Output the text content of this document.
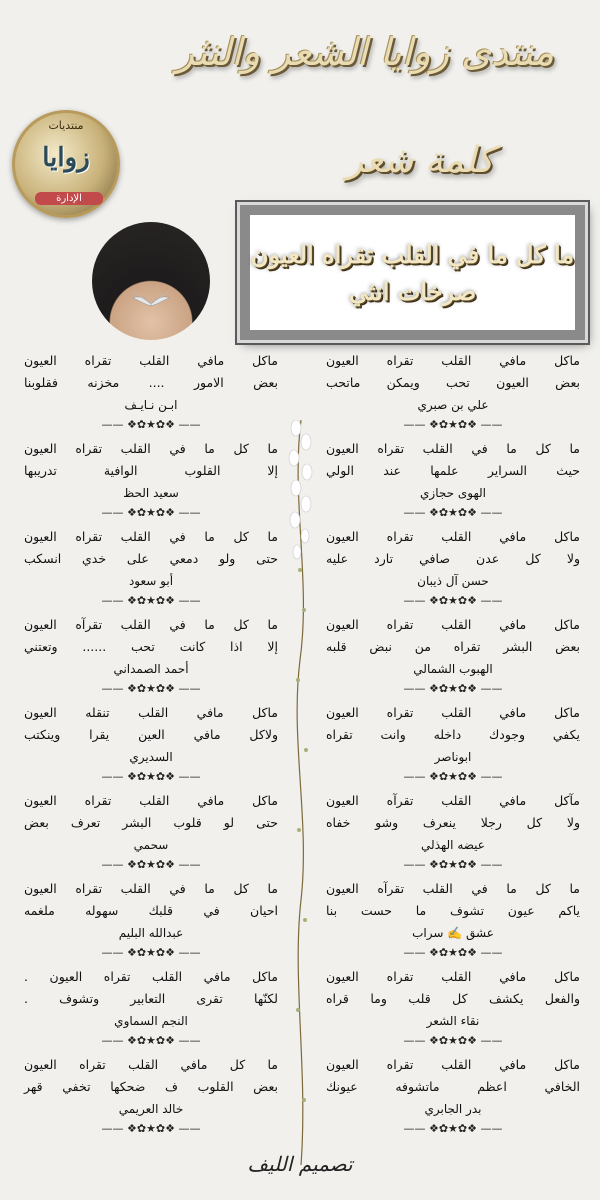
منتدى زوايا الشعر والنثر
منتديات
زوايا
الإدارة
كلمة شعر
ما كل ما في القلب تقراه العيون
صرخات انثي
ماكل مافي القلب تقراه العيون
بعض الامور .... مخزنه فقلوبنا
ابـن نـايـف
—— ❖✿★✿❖ ——
ما كل ما في القلب تقراه العيون
إلا القلوب الوافية تدريبها
سعيد الحظ
—— ❖✿★✿❖ ——
ما كل ما في القلب تقراه العيون
حتى ولو دمعي على خدي انسكب
أبو سعود
—— ❖✿★✿❖ ——
ما كل ما في القلب تقرآه العيون
إلا اذا كانت تحب ...... وتعتني
أحمد الصمداني
—— ❖✿★✿❖ ——
ماكل مافي القلب تنقله العيون
ولاكل مافي العين يقرا وينكتب
السديري
—— ❖✿★✿❖ ——
ماكل مافي القلب تقراه العيون
حتى لو قلوب البشر تعرف بعض
سحمي
—— ❖✿★✿❖ ——
ما كل ما في القلب تقراه العيون
احيان في قلبك سهوله ملغمه
عبدالله البليم
—— ❖✿★✿❖ ——
ماكل مافي القلب تقراه العيون .
لكنّها تقرى التعابير وتشوف .
النجم السماوي
—— ❖✿★✿❖ ——
ما كل مافي القلب تقراه العيون
بعض القلوب ف ضحكها تخفي قهر
خالد العريمي
—— ❖✿★✿❖ ——
ماكل مافي القلب تقراه العيون
بعض العيون تحب ويمكن ماتحب
علي بن صبري
—— ❖✿★✿❖ ——
ما كل ما في القلب تقراه العيون
حيث السراير علمها عند الولي
الهوى حجازي
—— ❖✿★✿❖ ——
ماكل مافي القلب تقراه العيون
ولا كل عدن صافي تارد عليه
حسن آل ذيبان
—— ❖✿★✿❖ ——
ماكل مافي القلب تقراه العيون
بعض البشر تقراه من نبض قلبه
الهبوب الشمالي
—— ❖✿★✿❖ ——
ماكل مافي القلب تقراه العيون
يكفي وجودك داخله وانت تقراه
ابوناصر
—— ❖✿★✿❖ ——
مآكل مافي القلب تقرآه العيون
ولا كل رجلا ينعرف وشو خفاه
عيضه الهذلي
—— ❖✿★✿❖ ——
ما كل ما في القلب تقرآه العيون
ياكم عيون تشوف ما حست بنا
عشق ✍️ سراب
—— ❖✿★✿❖ ——
ماكل مافي القلب تقراه العيون
والفعل يكشف كل قلب وما قراه
نقاء الشعر
—— ❖✿★✿❖ ——
ماكل مافي القلب تقراه العيون
الخافي اعظم ماتشوفه عيونك
بدر الجابري
—— ❖✿★✿❖ ——
تصميم الليف
